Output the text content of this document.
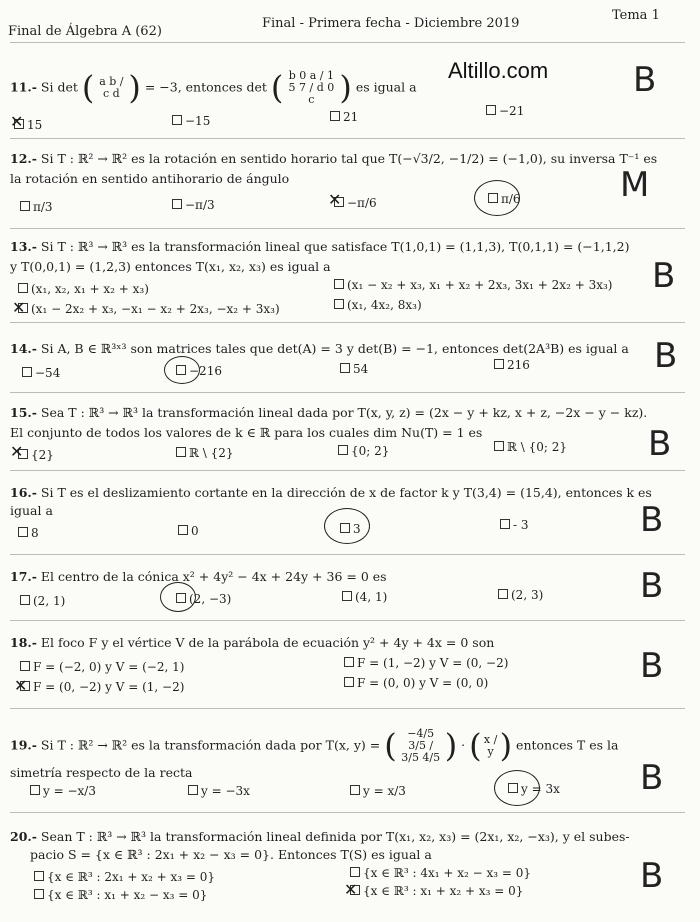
Final de Álgebra A (62)
Final - Primera fecha - Diciembre 2019
Tema 1
Altillo.com
11.- Si det ( a b / c d ) = −3, entonces det ( b 0 a / 1 5 7 / d 0 c ) es igual a
15	−15	21	−21
✕
B
12.- Si T : ℝ² → ℝ² es la rotación en sentido horario tal que T(−√3/2, −1/2) = (−1,0), su inversa T⁻¹ es
la rotación en sentido antihorario de ángulo
π/3	−π/3	−π/6	π/6
✕	M
13.- Si T : ℝ³ → ℝ³ es la transformación lineal que satisface T(1,0,1) = (1,1,3), T(0,1,1) = (−1,1,2)
y T(0,0,1) = (1,2,3) entonces T(x₁, x₂, x₃) es igual a
(x₁, x₂, x₁ + x₂ + x₃)	(x₁ − x₂ + x₃, x₁ + x₂ + 2x₃, 3x₁ + 2x₂ + 3x₃)
(x₁ − 2x₂ + x₃, −x₁ − x₂ + 2x₃, −x₂ + 3x₃)	(x₁, 4x₂, 8x₃)
✕
B
14.- Si A, B ∈ ℝ³ˣ³ son matrices tales que det(A) = 3 y det(B) = −1, entonces det(2A³B) es igual a
−54	−216	54	216	B
15.- Sea T : ℝ³ → ℝ³ la transformación lineal dada por T(x, y, z) = (2x − y + kz, x + z, −2x − y − kz).
El conjunto de todos los valores de k ∈ ℝ para los cuales dim Nu(T) = 1 es
{2}	ℝ \ {2}	{0; 2}	ℝ \ {0; 2}
✕	B
16.- Si T es el deslizamiento cortante en la dirección de x de factor k y T(3,4) = (15,4), entonces k es
igual a
8	0	3	- 3	B
17.- El centro de la cónica x² + 4y² − 4x + 24y + 36 = 0 es
(2, 1)	(2, −3)	(4, 1)	(2, 3)	B
18.- El foco F y el vértice V de la parábola de ecuación y² + 4y + 4x = 0 son
F = (−2, 0) y V = (−2, 1)	F = (1, −2) y V = (0, −2)
F = (0, −2) y V = (1, −2)	F = (0, 0) y V = (0, 0)
✕	B
19.- Si T : ℝ² → ℝ² es la transformación dada por T(x, y) = ( −4/5 3/5 / 3/5 4/5 ) · ( x / y ) entonces T es la
simetría respecto de la recta
y = −x/3	y = −3x	y = x/3	y = 3x B
20.- Sean T : ℝ³ → ℝ³ la transformación lineal definida por T(x₁, x₂, x₃) = (2x₁, x₂, −x₃), y el subes-
pacio S = {x ∈ ℝ³ : 2x₁ + x₂ − x₃ = 0}. Entonces T(S) es igual a
{x ∈ ℝ³ : 2x₁ + x₂ + x₃ = 0}	{x ∈ ℝ³ : 4x₁ + x₂ − x₃ = 0}
{x ∈ ℝ³ : x₁ + x₂ − x₃ = 0}	{x ∈ ℝ³ : x₁ + x₂ + x₃ = 0}
✕	B
